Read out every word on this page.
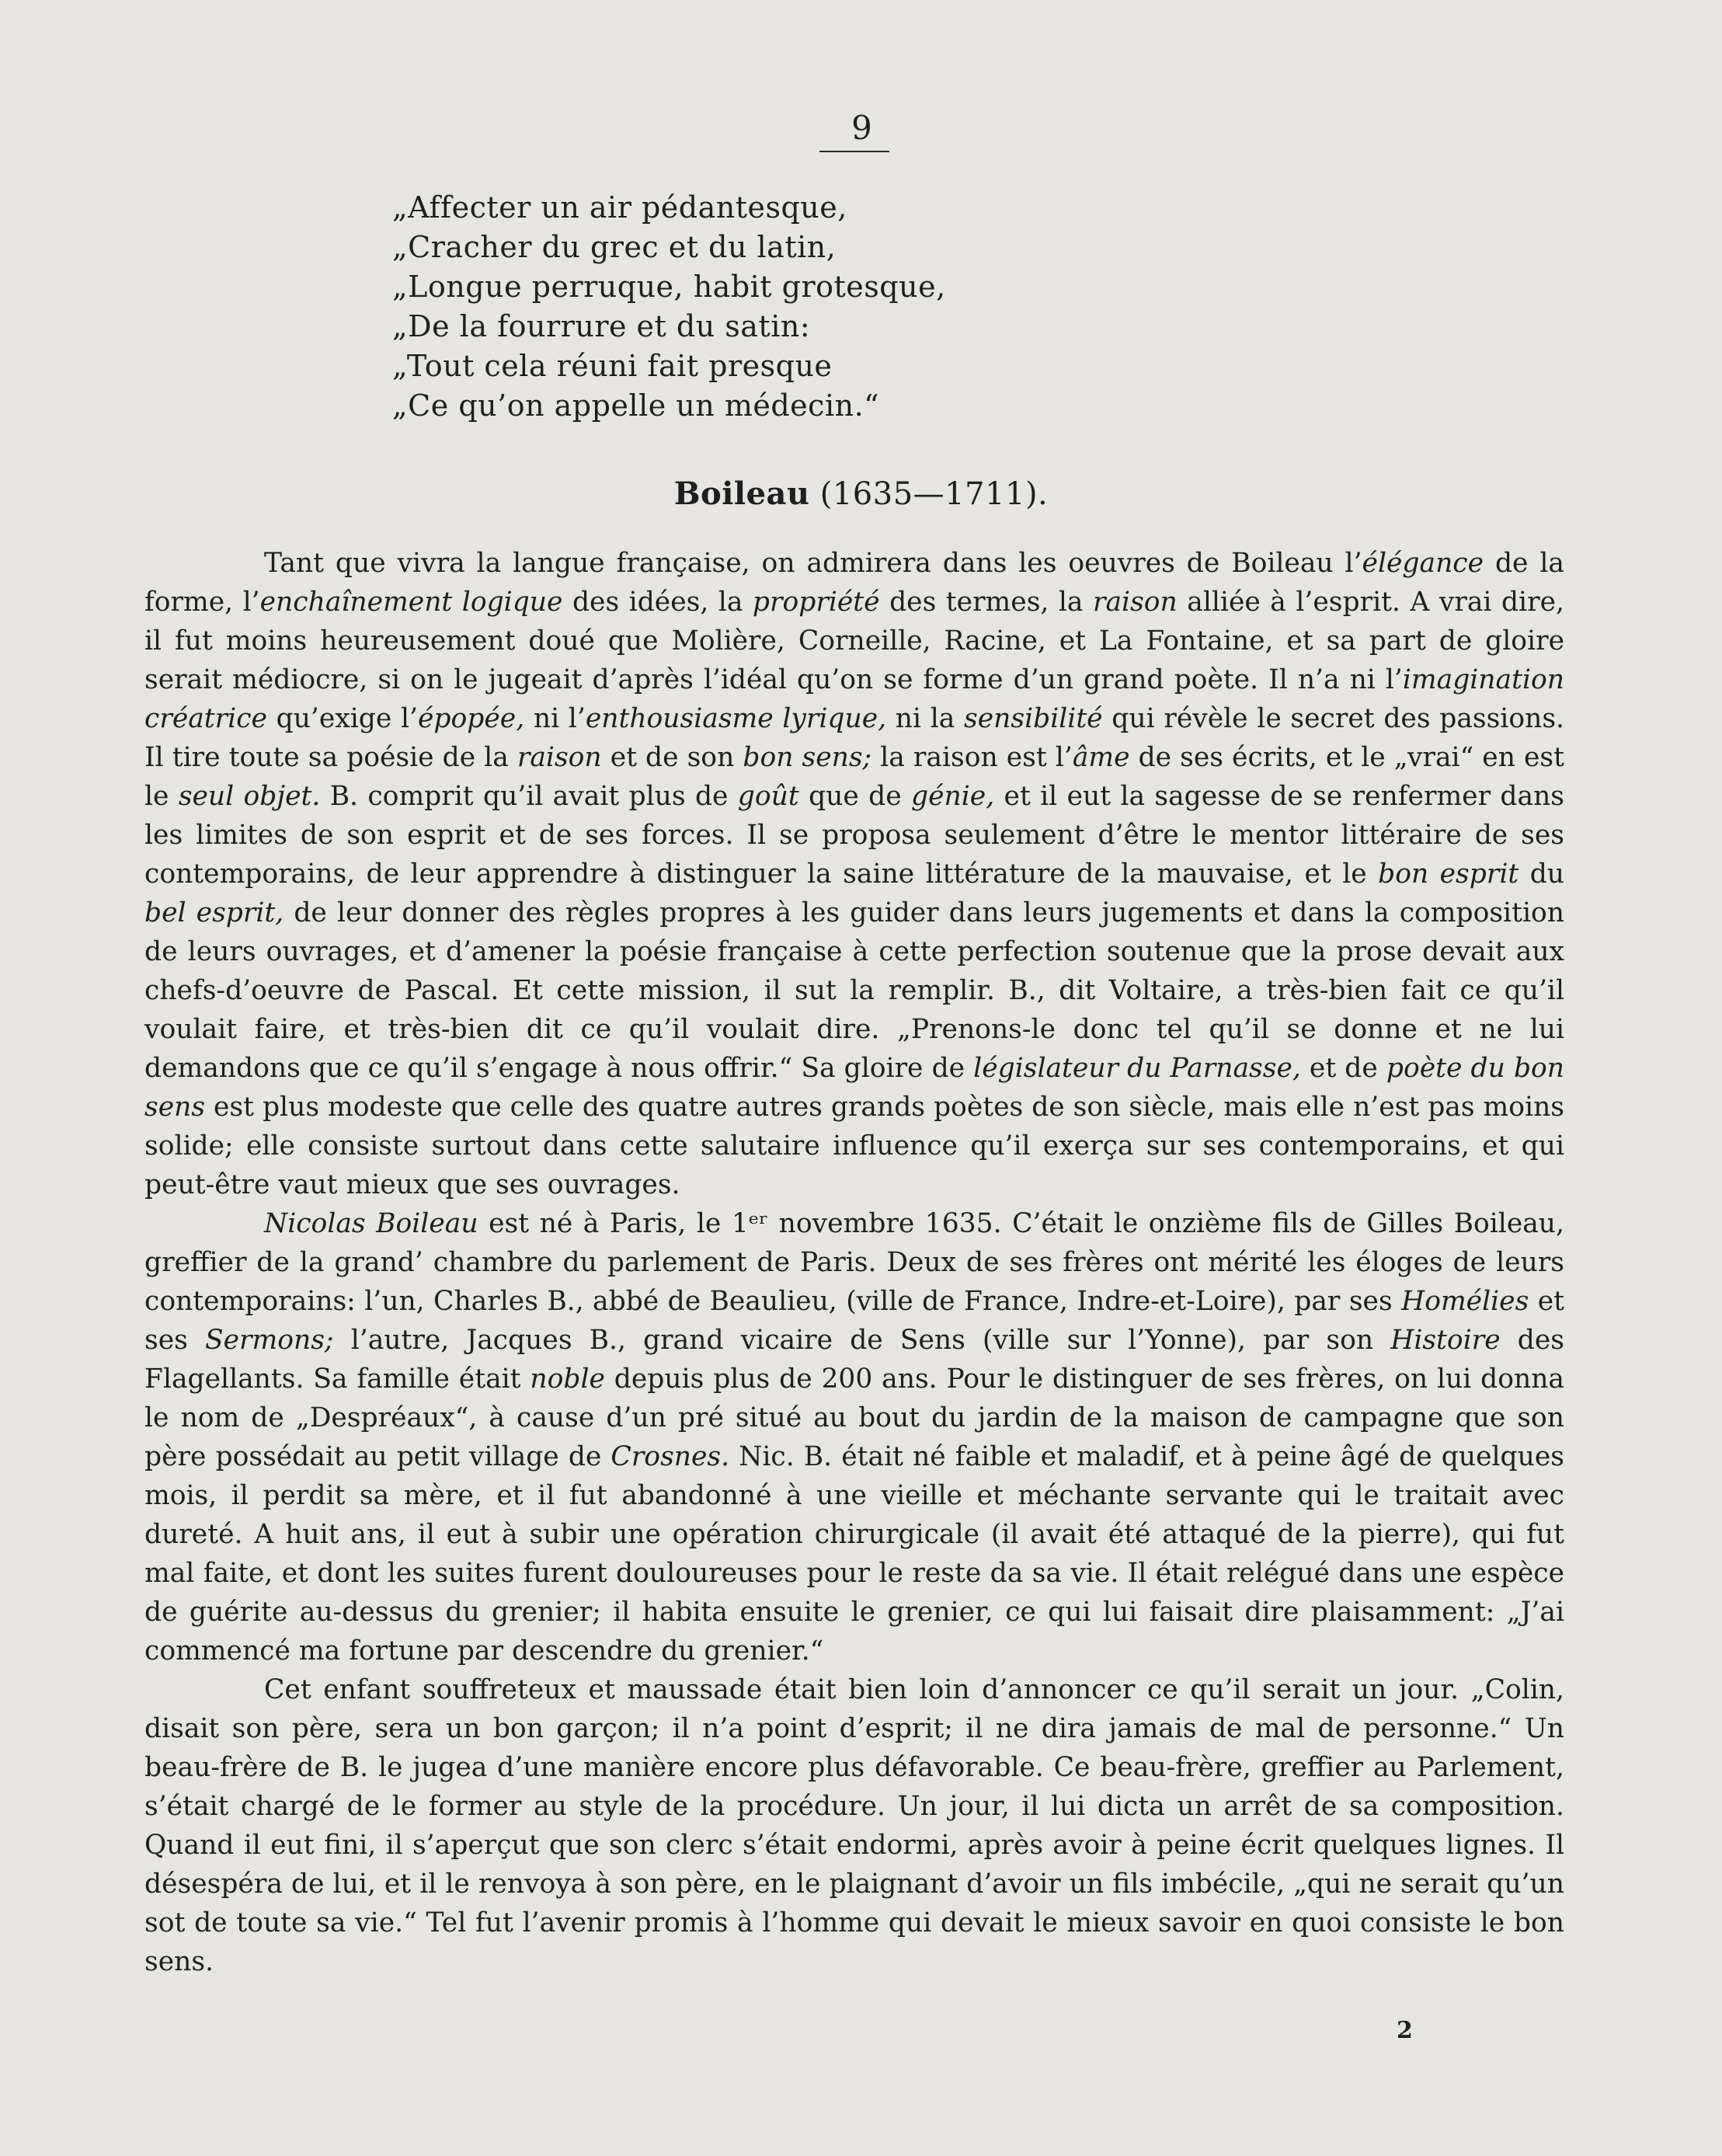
9
„Affecter un air pédantesque,
„Cracher du grec et du latin,
„Longue perruque, habit grotesque,
„De la fourrure et du satin:
„Tout cela réuni fait presque
„Ce qu’on appelle un médecin.“
Boileau (1635—1711).

Tant que vivra la langue française, on admirera dans les oeuvres de Boileau l’élégance de la forme, l’enchaînement logique des idées, la propriété des termes, la raison alliée à l’esprit. A vrai dire, il fut moins heureusement doué que Molière, Corneille, Racine, et La Fontaine, et sa part de gloire serait médiocre, si on le jugeait d’après l’idéal qu’on se forme d’un grand poète. Il n’a ni l’imagination créatrice qu’exige l’épopée, ni l’enthousiasme lyrique, ni la sensibilité qui révèle le secret des passions. Il tire toute sa poésie de la raison et de son bon sens; la raison est l’âme de ses écrits, et le „vrai“ en est le seul objet. B. comprit qu’il avait plus de goût que de génie, et il eut la sagesse de se renfermer dans les limites de son esprit et de ses forces. Il se proposa seulement d’être le mentor littéraire de ses contemporains, de leur apprendre à distinguer la saine littérature de la mauvaise, et le bon esprit du bel esprit, de leur donner des règles propres à les guider dans leurs jugements et dans la composition de leurs ouvrages, et d’amener la poésie française à cette perfection soutenue que la prose devait aux chefs-d’oeuvre de Pascal. Et cette mission, il sut la remplir. B., dit Voltaire, a très-bien fait ce qu’il voulait faire, et très-bien dit ce qu’il voulait dire. „Prenons-le donc tel qu’il se donne et ne lui demandons que ce qu’il s’engage à nous offrir.“ Sa gloire de législateur du Parnasse, et de poète du bon sens est plus modeste que celle des quatre autres grands poètes de son siècle, mais elle n’est pas moins solide; elle consiste surtout dans cette salutaire influence qu’il exerça sur ses contemporains, et qui peut-être vaut mieux que ses ouvrages.

Nicolas Boileau est né à Paris, le 1ᵉʳ novembre 1635. C’était le onzième fils de Gilles Boileau, greffier de la grand’ chambre du parlement de Paris. Deux de ses frères ont mérité les éloges de leurs contemporains: l’un, Charles B., abbé de Beaulieu, (ville de France, Indre-et-Loire), par ses Homélies et ses Sermons; l’autre, Jacques B., grand vicaire de Sens (ville sur l’Yonne), par son Histoire des Flagellants. Sa famille était noble depuis plus de 200 ans. Pour le distinguer de ses frères, on lui donna le nom de „Despréaux“, à cause d’un pré situé au bout du jardin de la maison de campagne que son père possédait au petit village de Crosnes. Nic. B. était né faible et maladif, et à peine âgé de quelques mois, il perdit sa mère, et il fut abandonné à une vieille et méchante servante qui le traitait avec dureté. A huit ans, il eut à subir une opération chirurgicale (il avait été attaqué de la pierre), qui fut mal faite, et dont les suites furent douloureuses pour le reste da sa vie. Il était relégué dans une espèce de guérite au-dessus du grenier; il habita ensuite le grenier, ce qui lui faisait dire plaisamment: „J’ai commencé ma fortune par descendre du grenier.“

Cet enfant souffreteux et maussade était bien loin d’annoncer ce qu’il serait un jour. „Colin, disait son père, sera un bon garçon; il n’a point d’esprit; il ne dira jamais de mal de personne.“ Un beau-frère de B. le jugea d’une manière encore plus défavorable. Ce beau-frère, greffier au Parlement, s’était chargé de le former au style de la procédure. Un jour, il lui dicta un arrêt de sa composition. Quand il eut fini, il s’aperçut que son clerc s’était endormi, après avoir à peine écrit quelques lignes. Il désespéra de lui, et il le renvoya à son père, en le plaignant d’avoir un fils imbécile, „qui ne serait qu’un sot de toute sa vie.“ Tel fut l’avenir promis à l’homme qui devait le mieux savoir en quoi consiste le bon sens.

2
